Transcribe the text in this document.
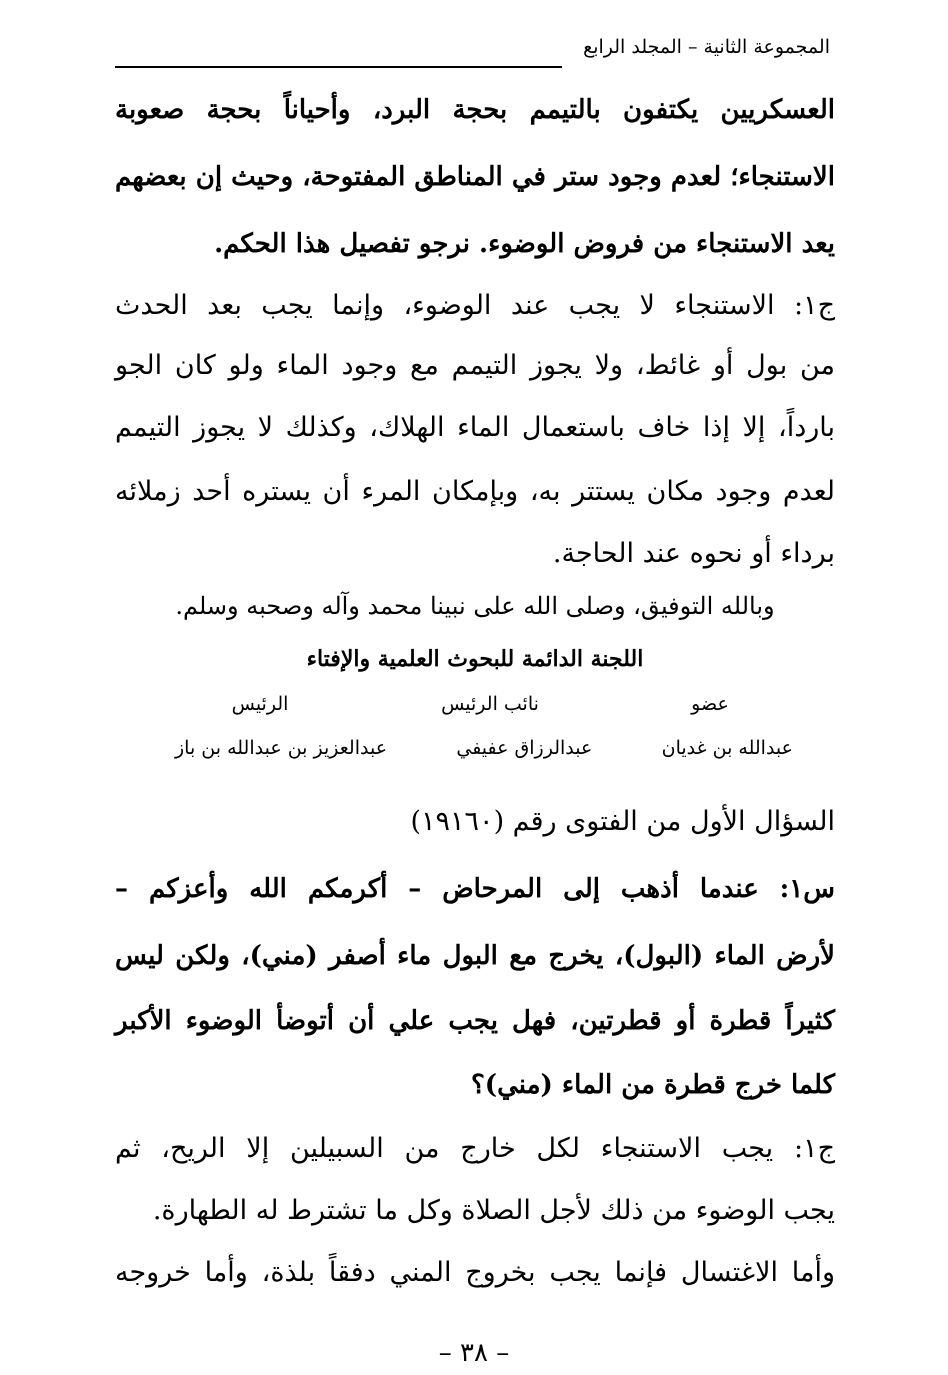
المجموعة الثانية – المجلد الرابع
العسكريين يكتفون بالتيمم بحجة البرد، وأحياناً بحجة صعوبة
الاستنجاء؛ لعدم وجود ستر في المناطق المفتوحة، وحيث إن بعضهم
يعد الاستنجاء من فروض الوضوء. نرجو تفصيل هذا الحكم.
ج١: الاستنجاء لا يجب عند الوضوء، وإنما يجب بعد الحدث
من بول أو غائط، ولا يجوز التيمم مع وجود الماء ولو كان الجو
بارداً، إلا إذا خاف باستعمال الماء الهلاك، وكذلك لا يجوز التيمم
لعدم وجود مكان يستتر به، وبإمكان المرء أن يستره أحد زملائه
برداء أو نحوه عند الحاجة.
وبالله التوفيق، وصلى الله على نبينا محمد وآله وصحبه وسلم.
اللجنة الدائمة للبحوث العلمية والإفتاء
عضو
نائب الرئيس
الرئيس
عبدالله بن غديان
عبدالرزاق عفيفي
عبدالعزيز بن عبدالله بن باز
السؤال الأول من الفتوى رقم (١٩١٦٠)
س١: عندما أذهب إلى المرحاض – أكرمكم الله وأعزكم –
لأرض الماء (البول)، يخرج مع البول ماء أصفر (مني)، ولكن ليس
كثيراً قطرة أو قطرتين، فهل يجب علي أن أتوضأ الوضوء الأكبر
كلما خرج قطرة من الماء (مني)؟
ج١: يجب الاستنجاء لكل خارج من السبيلين إلا الريح، ثم
يجب الوضوء من ذلك لأجل الصلاة وكل ما تشترط له الطهارة.
وأما الاغتسال فإنما يجب بخروج المني دفقاً بلذة، وأما خروجه
– ٣٨ –
